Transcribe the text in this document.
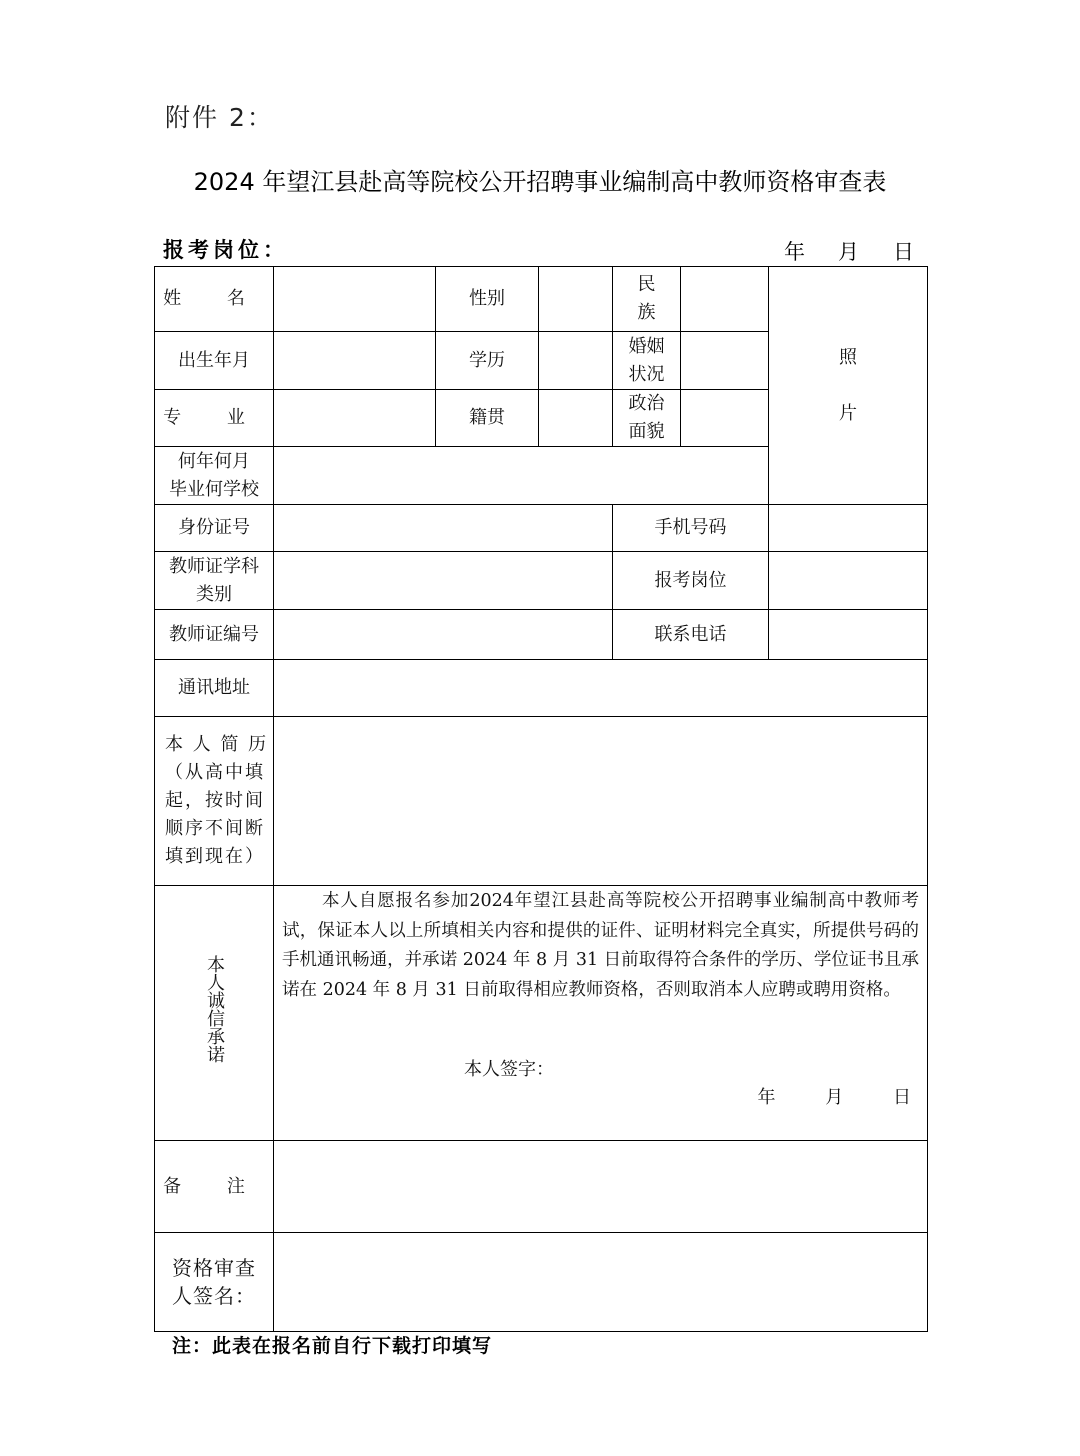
附件 2：
2024 年望江县赴高等院校公开招聘事业编制高中教师资格审查表
报考岗位：	年 月 日
姓 名		性别		民族		照
片

出生年月		学历		婚姻
状况		

专 业		籍贯		政治
面貌		

何年何月
毕业何学校						

身份证号				手机号码		

教师证学科
类别				报考岗位		
教师证编号				联系电话		
通讯地址						

本 人 简 历
（从高中填
起，按时间
顺序不间断
填到现在）						

本人诚信承诺	本人自愿报名参加2024年望江县赴高等院校公开招聘事业编制高中教师考试，保证本人以上所填相关内容和提供的证件、证明材料完全真实，所提供号码的手机通讯畅通，并承诺 2024 年 8 月 31 日前取得符合条件的学历、学位证书且承诺在 2024 年 8 月 31 日前取得相应教师资格，否则取消本人应聘或聘用资格。
本人签字：
年 月 日					

备 注						

资格审查
人签名：						

注：此表在报名前自行下载打印填写
